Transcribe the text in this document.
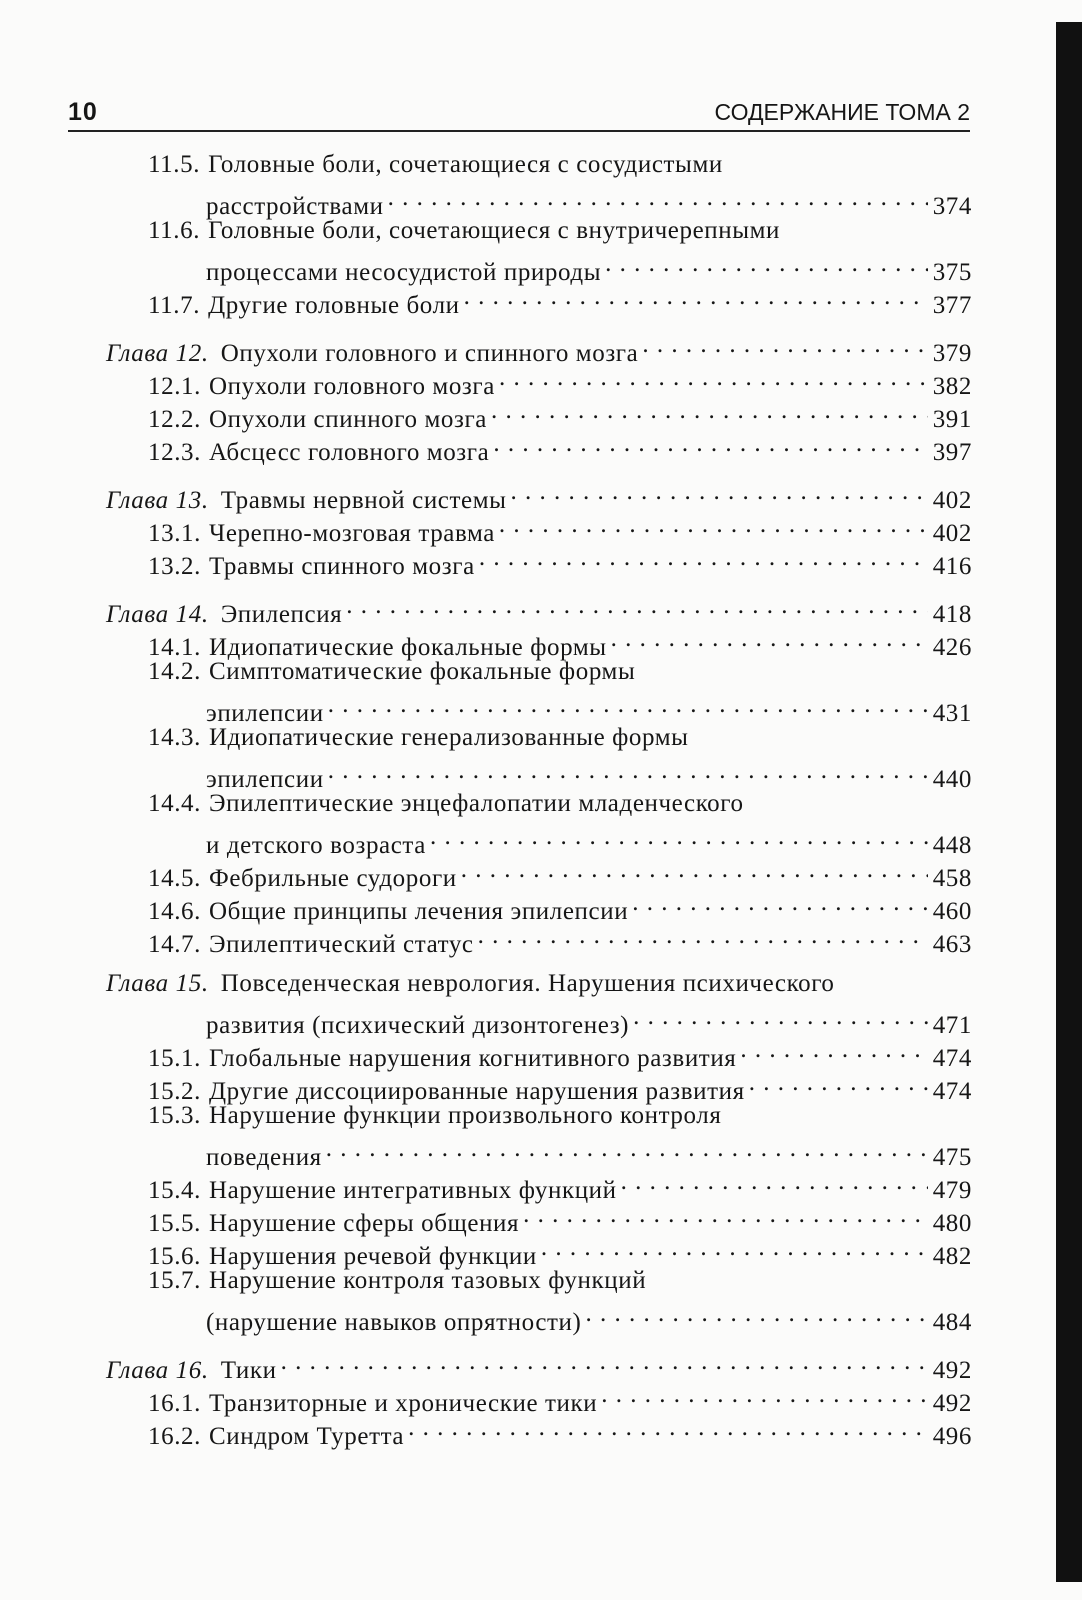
10	СОДЕРЖАНИЕ ТОМА 2
11.5. Головные боли, сочетающиеся с сосудистыми
расстройствами . . .	374
11.6. Головные боли, сочетающиеся с внутричерепными
процессами несосудистой природы . . .	375
11.7. Другие головные боли . . .	377
Глава 12. Опухоли головного и спинного мозга . . .	379
12.1. Опухоли головного мозга . . .	382
12.2. Опухоли спинного мозга . . .	391
12.3. Абсцесс головного мозга . . .	397
Глава 13. Травмы нервной системы . . .	402
13.1. Черепно-мозговая травма . . .	402
13.2. Травмы спинного мозга . . .	416
Глава 14. Эпилепсия . . .	418
14.1. Идиопатические фокальные формы . . .	426
14.2. Симптоматические фокальные формы
эпилепсии . . .	431
14.3. Идиопатические генерализованные формы
эпилепсии . . .	440
14.4. Эпилептические энцефалопатии младенческого
и детского возраста . . .	448
14.5. Фебрильные судороги . . .	458
14.6. Общие принципы лечения эпилепсии . . .	460
14.7. Эпилептический статус . . .	463
Глава 15. Повседенческая неврология. Нарушения психического
развития (психический дизонтогенез) . . .	471
15.1. Глобальные нарушения когнитивного развития . . .	474
15.2. Другие диссоциированные нарушения развития . . .	474
15.3. Нарушение функции произвольного контроля
поведения . . .	475
15.4. Нарушение интегративных функций . . .	479
15.5. Нарушение сферы общения . . .	480
15.6. Нарушения речевой функции . . .	482
15.7. Нарушение контроля тазовых функций
(нарушение навыков опрятности) . . .	484
Глава 16. Тики . . .	492
16.1. Транзиторные и хронические тики . . .	492
16.2. Синдром Туретта . . .	496
